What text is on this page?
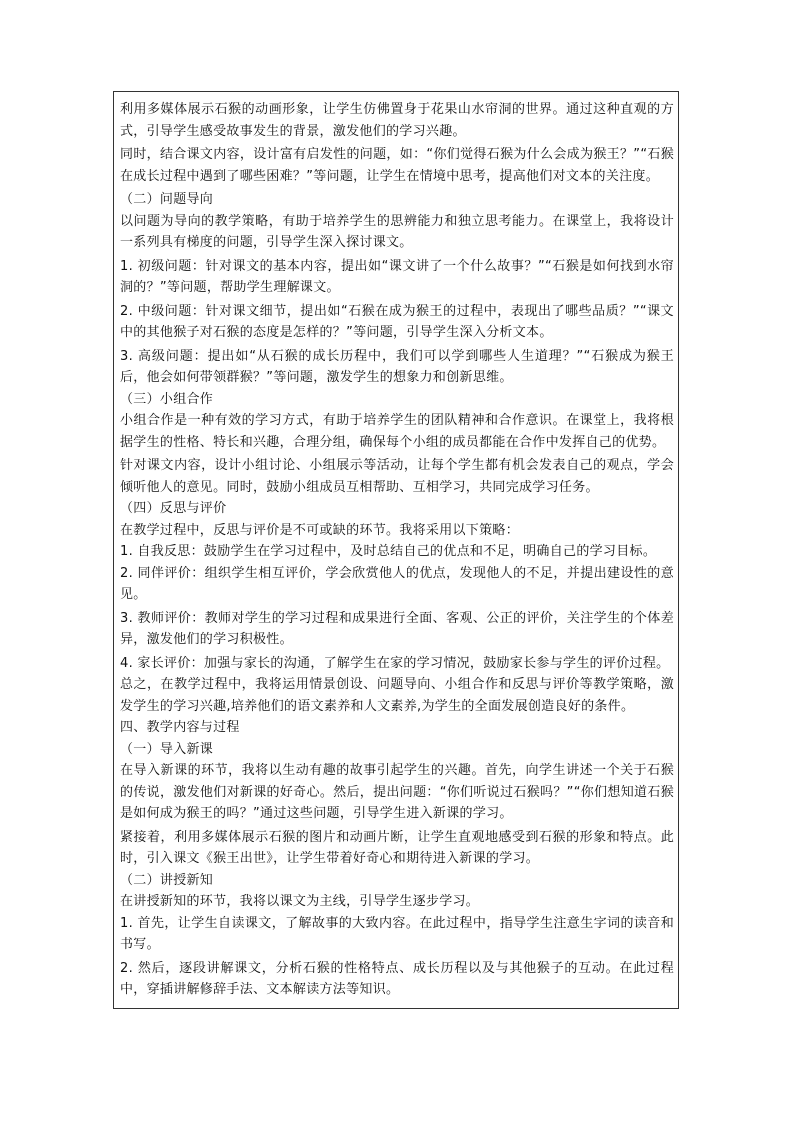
利用多媒体展示石猴的动画形象，让学生仿佛置身于花果山水帘洞的世界。通过这种直观的方式，引导学生感受故事发生的背景，激发他们的学习兴趣。

同时，结合课文内容，设计富有启发性的问题，如：“你们觉得石猴为什么会成为猴王？”“石猴在成长过程中遇到了哪些困难？”等问题，让学生在情境中思考，提高他们对文本的关注度。

（二）问题导向

以问题为导向的教学策略，有助于培养学生的思辨能力和独立思考能力。在课堂上，我将设计一系列具有梯度的问题，引导学生深入探讨课文。

1. 初级问题：针对课文的基本内容，提出如“课文讲了一个什么故事？”“石猴是如何找到水帘洞的？”等问题，帮助学生理解课文。

2. 中级问题：针对课文细节，提出如“石猴在成为猴王的过程中，表现出了哪些品质？”“课文中的其他猴子对石猴的态度是怎样的？”等问题，引导学生深入分析文本。

3. 高级问题：提出如“从石猴的成长历程中，我们可以学到哪些人生道理？”“石猴成为猴王后，他会如何带领群猴？”等问题，激发学生的想象力和创新思维。

（三）小组合作

小组合作是一种有效的学习方式，有助于培养学生的团队精神和合作意识。在课堂上，我将根据学生的性格、特长和兴趣，合理分组，确保每个小组的成员都能在合作中发挥自己的优势。

针对课文内容，设计小组讨论、小组展示等活动，让每个学生都有机会发表自己的观点，学会倾听他人的意见。同时，鼓励小组成员互相帮助、互相学习，共同完成学习任务。

（四）反思与评价

在教学过程中，反思与评价是不可或缺的环节。我将采用以下策略：

1. 自我反思：鼓励学生在学习过程中，及时总结自己的优点和不足，明确自己的学习目标。

2. 同伴评价：组织学生相互评价，学会欣赏他人的优点，发现他人的不足，并提出建设性的意见。

3. 教师评价：教师对学生的学习过程和成果进行全面、客观、公正的评价，关注学生的个体差异，激发他们的学习积极性。

4. 家长评价：加强与家长的沟通，了解学生在家的学习情况，鼓励家长参与学生的评价过程。

总之，在教学过程中，我将运用情景创设、问题导向、小组合作和反思与评价等教学策略，激发学生的学习兴趣,培养他们的语文素养和人文素养,为学生的全面发展创造良好的条件。

四、教学内容与过程

（一）导入新课

在导入新课的环节，我将以生动有趣的故事引起学生的兴趣。首先，向学生讲述一个关于石猴的传说，激发他们对新课的好奇心。然后，提出问题：“你们听说过石猴吗？”“你们想知道石猴是如何成为猴王的吗？”通过这些问题，引导学生进入新课的学习。

紧接着，利用多媒体展示石猴的图片和动画片断，让学生直观地感受到石猴的形象和特点。此时，引入课文《猴王出世》，让学生带着好奇心和期待进入新课的学习。

（二）讲授新知

在讲授新知的环节，我将以课文为主线，引导学生逐步学习。

1. 首先，让学生自读课文，了解故事的大致内容。在此过程中，指导学生注意生字词的读音和书写。

2. 然后，逐段讲解课文，分析石猴的性格特点、成长历程以及与其他猴子的互动。在此过程中，穿插讲解修辞手法、文本解读方法等知识。
